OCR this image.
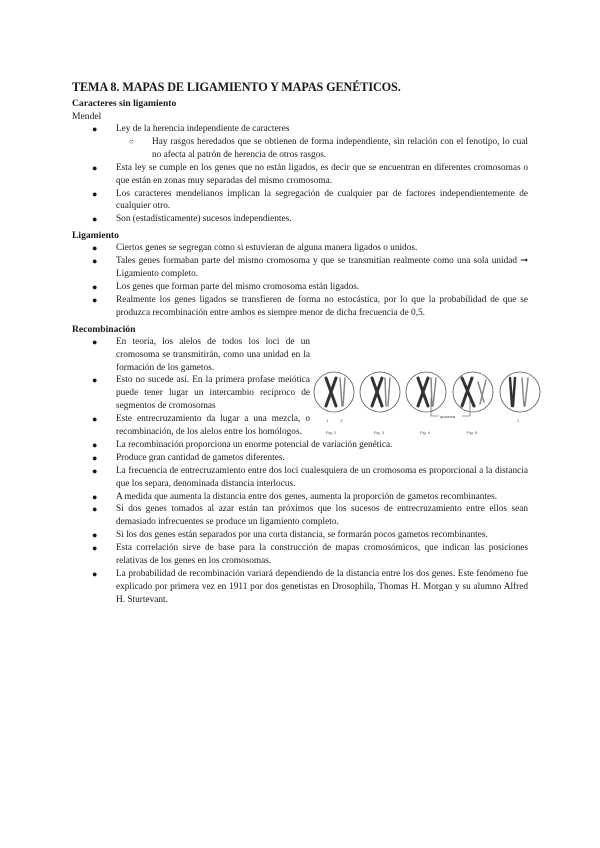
TEMA 8. MAPAS DE LIGAMIENTO Y MAPAS GENÉTICOS.
Caracteres sin ligamiento
Mendel
● Ley de la herencia independiente de caracteres
○ Hay rasgos heredados que se obtienen de forma independiente, sin relación con el fenotipo, lo cual no afecta al patrón de herencia de otros rasgos.
● Esta ley se cumple en los genes que no están ligados, es decir que se encuentran en diferentes cromosomas o que están en zonas muy separadas del mismo cromosoma.
● Los caracteres mendelianos implican la segregación de cualquier par de factores independientemente de cualquier otro.
● Son (estadísticamente) sucesos independientes.
Ligamiento
● Ciertos genes se segregan como si estuvieran de alguna manera ligados o unidos.
● Tales genes formaban parte del mismo cromosoma y que se transmitían realmente como una sola unidad ➞ Ligamiento completo.
● Los genes que forman parte del mismo cromosoma están ligados.
● Realmente los genes ligados se transfieren de forma no estocástica, por lo que la probabilidad de que se produzca recombinación entre ambos es siempre menor de dicha frecuencia de 0,5.
Recombinación
● En teoría, los alelos de todos los loci de un cromosoma se transmitirán, como una unidad en la formación de los gametos.
● Esto no sucede así. En la primera profase meiótica puede tener lugar un intercambio recíproco de segmentos de cromosomas
● Este entrecruzamiento da lugar a una mezcla, o recombinación, de los alelos entre los homólogos.
quiasma
1	1'	1
Fig. 2	Fig. 3	Fig. 4	Fig. 5
● La recombinación proporciona un enorme potencial de variación genética.
● Produce gran cantidad de gametos diferentes.
● La frecuencia de entrecruzamiento entre dos loci cualesquiera de un cromosoma es proporcional a la distancia que los separa, denominada distancia interlocus.
● A medida que aumenta la distancia entre dos genes, aumenta la proporción de gametos recombinantes.
● Si dos genes tomados al azar están tan próximos que los sucesos de entrecruzamiento entre ellos sean demasiado infrecuentes se produce un ligamiento completo.
● Si los dos genes están separados por una corta distancia, se formarán pocos gametos recombinantes.
● Esta correlación sirve de base para la construcción de mapas cromosómicos, que indican las posiciones relativas de los genes en los cromosomas.
● La probabilidad de recombinación variará dependiendo de la distancia entre los dos genes. Este fenómeno fue explicado por primera vez en 1911 por dos genetistas en Drosophila, Thomas H. Morgan y su alumno Alfred H. Sturtevant.
